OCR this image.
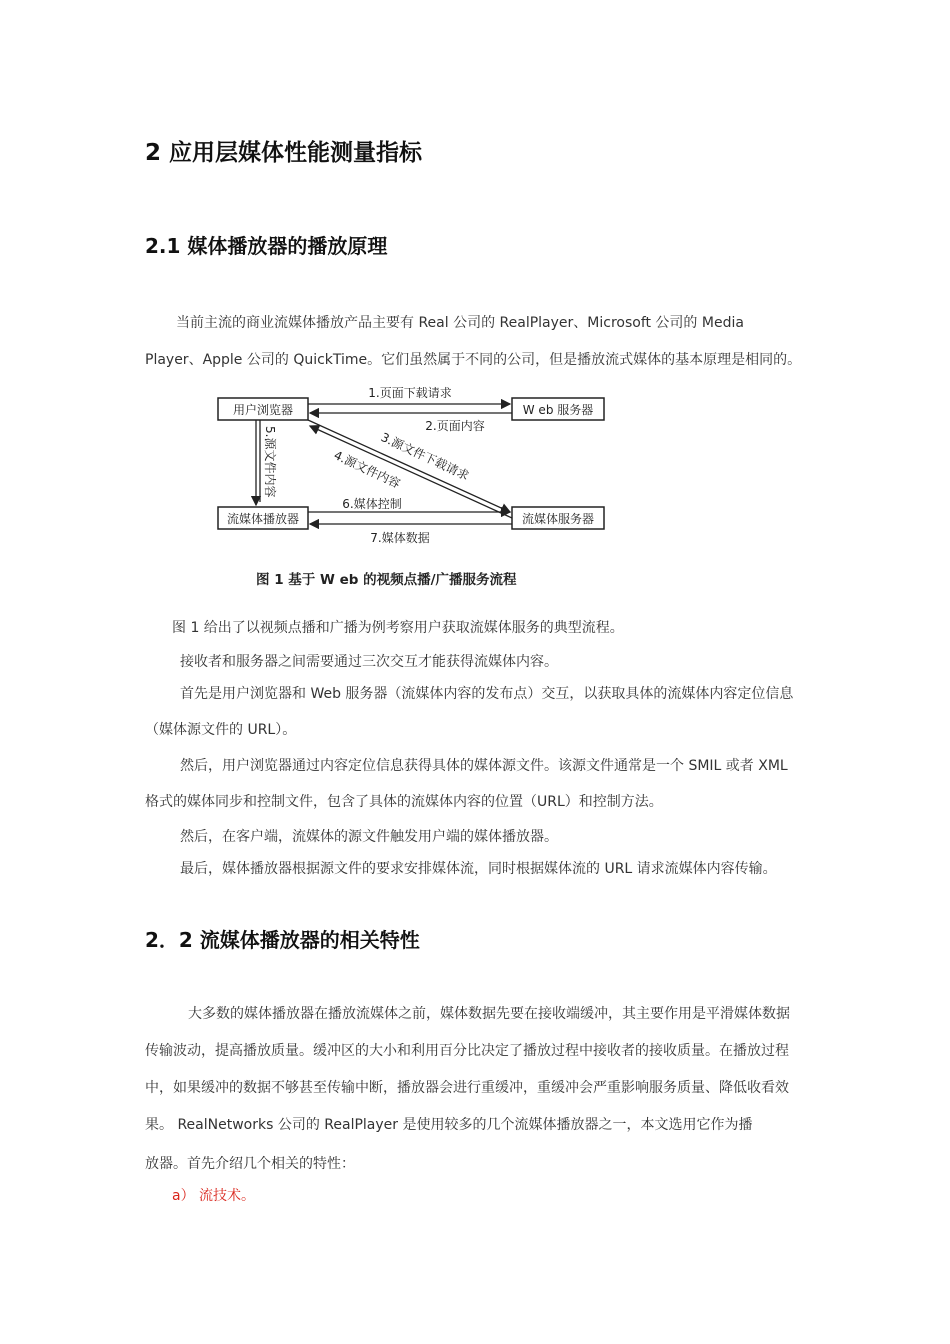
2 应用层媒体性能测量指标
2.1 媒体播放器的播放原理
当前主流的商业流媒体播放产品主要有 Real 公司的 RealPlayer、Microsoft 公司的 Media
Player、Apple 公司的 QuickTime。它们虽然属于不同的公司，但是播放流式媒体的基本原理是相同的。
用户浏览器	W eb 服务器
流媒体播放器	流媒体服务器
1.页面下载请求
2.页面内容
3.源文件下载请求
4.源文件内容
5.源文件内容
6.媒体控制
7.媒体数据
图 1 基于 W eb 的视频点播/广播服务流程
图 1 给出了以视频点播和广播为例考察用户获取流媒体服务的典型流程。
接收者和服务器之间需要通过三次交互才能获得流媒体内容。
首先是用户浏览器和 Web 服务器（流媒体内容的发布点）交互，以获取具体的流媒体内容定位信息
（媒体源文件的 URL）。
然后，用户浏览器通过内容定位信息获得具体的媒体源文件。该源文件通常是一个 SMIL 或者 XML
格式的媒体同步和控制文件，包含了具体的流媒体内容的位置（URL）和控制方法。
然后，在客户端，流媒体的源文件触发用户端的媒体播放器。
最后，媒体播放器根据源文件的要求安排媒体流，同时根据媒体流的 URL 请求流媒体内容传输。
2．2 流媒体播放器的相关特性
大多数的媒体播放器在播放流媒体之前，媒体数据先要在接收端缓冲，其主要作用是平滑媒体数据
传输波动，提高播放质量。缓冲区的大小和利用百分比决定了播放过程中接收者的接收质量。在播放过程
中，如果缓冲的数据不够甚至传输中断，播放器会进行重缓冲，重缓冲会严重影响服务质量、降低收看效
果。 RealNetworks 公司的 RealPlayer 是使用较多的几个流媒体播放器之一，本文选用它作为播
放器。首先介绍几个相关的特性：
a） 流技术。
